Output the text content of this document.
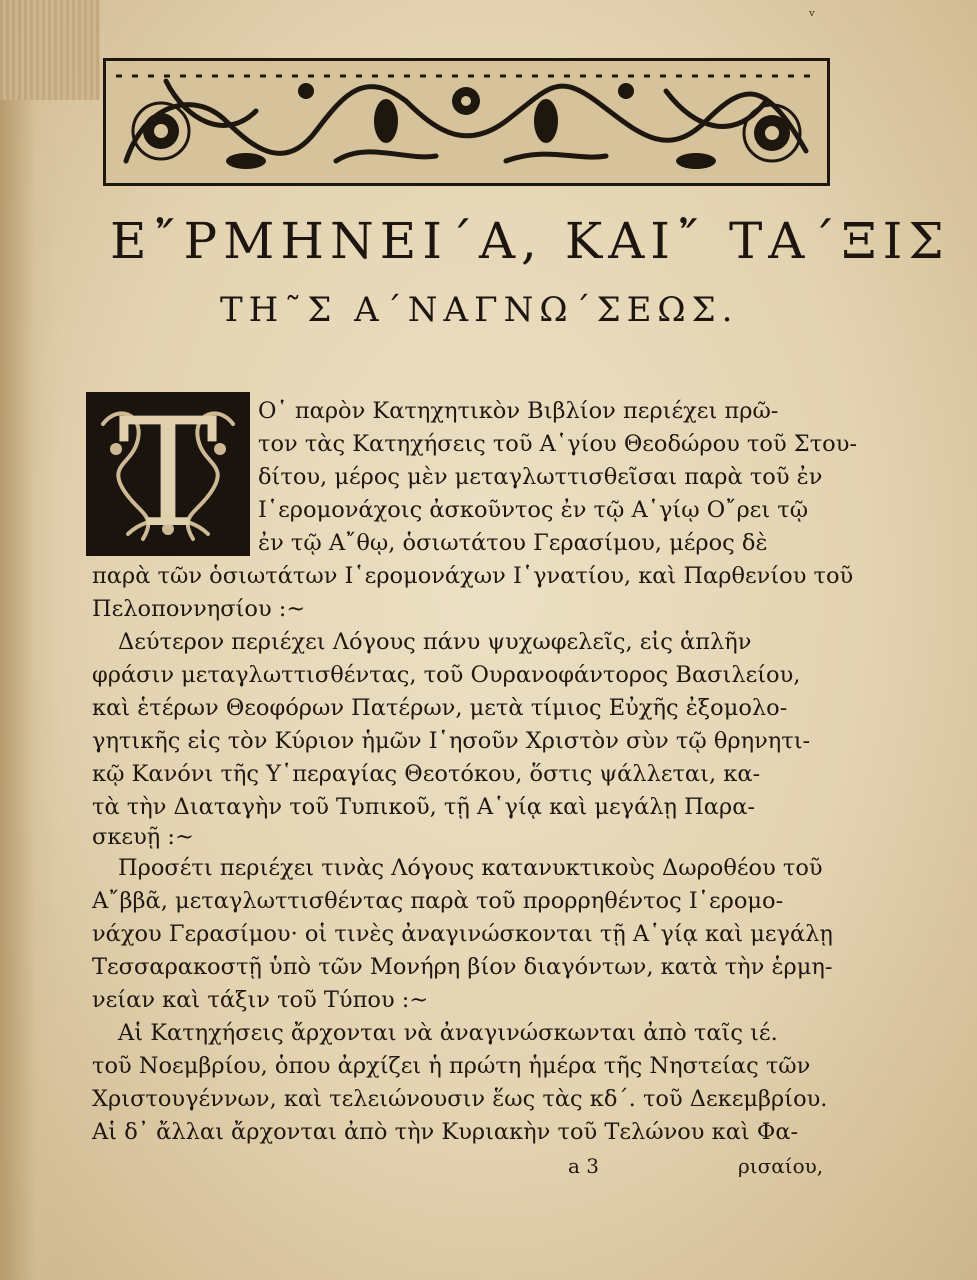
ᵛ
Ε῎ΡΜΗΝΕΙ΄Α, ΚΑΙ῎ ΤΑ΄ΞΙΣ
ΤΗ῀Σ Α΄ΝΑΓΝΩ΄ΣΕΩΣ.
Τ	Ο῾ παρὸν Κατηχητικὸν Βιβλίον περιέχει πρῶ-
τον τὰς Κατηχήσεις τοῦ Α῾γίου Θεοδώρου τοῦ Στου-
δίτου, μέρος μὲν μεταγλωττισθεῖσαι παρὰ τοῦ ἐν
Ι῾ερομονάχοις ἀσκοῦντος ἐν τῷ Α῾γίῳ Ο῎ρει τῷ
ἐν τῷ Α῎θῳ, ὁσιωτάτου Γερασίμου, μέρος δὲ
παρὰ τῶν ὁσιωτάτων Ι῾ερομονάχων Ι῾γνατίου, καὶ Παρθενίου τοῦ
Πελοποννησίου :~
Δεύτερον περιέχει Λόγους πάνυ ψυχωφελεῖς, εἰς ἁπλῆν
φράσιν μεταγλωττισθέντας, τοῦ Ουρανοφάντορος Βασιλείου,
καὶ ἑτέρων Θεοφόρων Πατέρων, μετὰ τίμιος Εὐχῆς ἐξομολο-
γητικῆς εἰς τὸν Κύριον ἡμῶν Ι῾ησοῦν Χριστὸν σὺν τῷ θρηνητι-
κῷ Κανόνι τῆς Υ῾περαγίας Θεοτόκου, ὅστις ψάλλεται, κα-
τὰ τὴν Διαταγὴν τοῦ Τυπικοῦ, τῇ Α῾γίᾳ καὶ μεγάλῃ Παρα-
σκευῇ :~
Προσέτι περιέχει τινὰς Λόγους κατανυκτικοὺς Δωροθέου τοῦ
Α῎ββᾶ, μεταγλωττισθέντας παρὰ τοῦ προρρηθέντος Ι῾ερομο-
νάχου Γερασίμου· οἱ τινὲς ἀναγινώσκονται τῇ Α῾γίᾳ καὶ μεγάλῃ
Τεσσαρακοστῇ ὑπὸ τῶν Μονήρη βίον διαγόντων, κατὰ τὴν ἑρμη-
νείαν καὶ τάξιν τοῦ Τύπου :~
Αἱ Κατηχήσεις ἄρχονται νὰ ἀναγινώσκωνται ἀπὸ ταῖς ιέ.
τοῦ Νοεμβρίου, ὁπου ἀρχίζει ἡ πρώτη ἡμέρα τῆς Νηστείας τῶν
Χριστουγέννων, καὶ τελειώνουσιν ἕως τὰς κδ΄. τοῦ Δεκεμβρίου.
Αἱ δ᾽ ἄλλαι ἄρχονται ἀπὸ τὴν Κυριακὴν τοῦ Τελώνου καὶ Φα-
a 3	ρισαίου,
